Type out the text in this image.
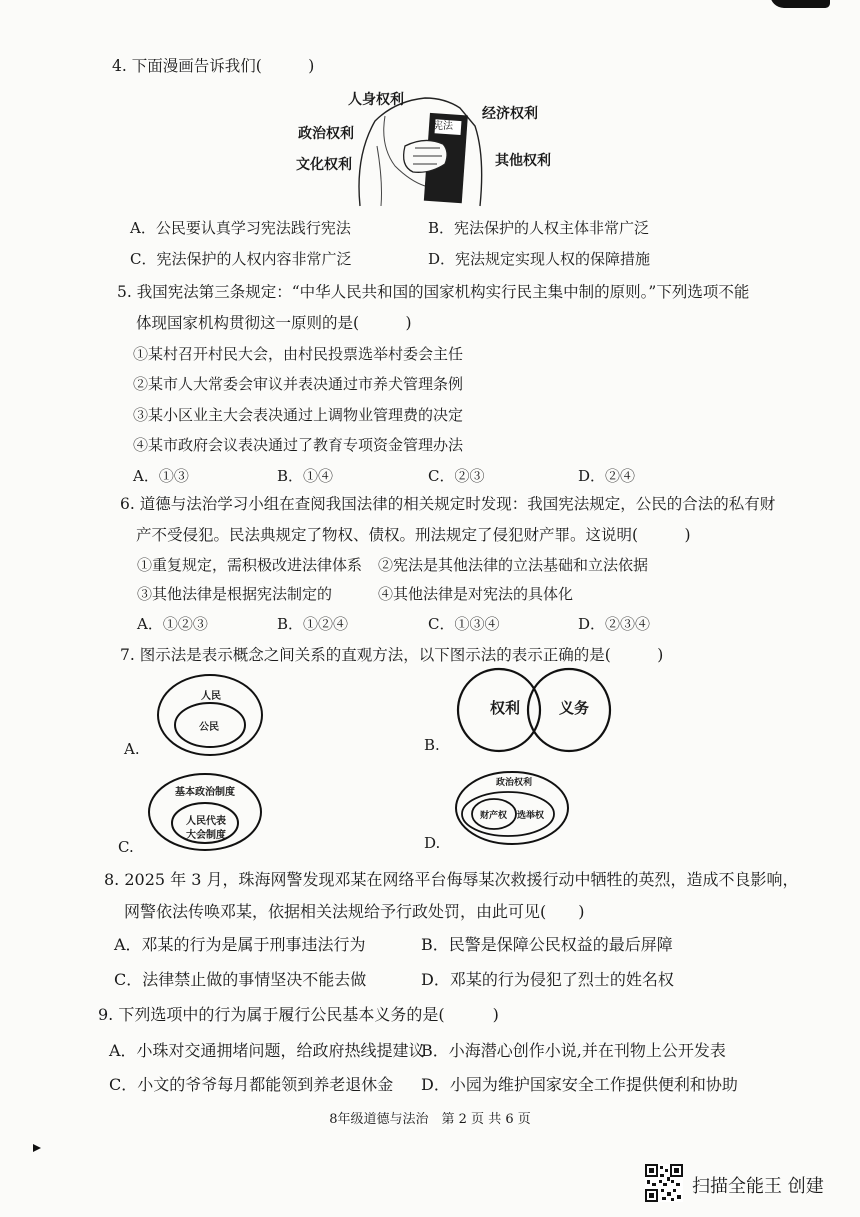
4. 下面漫画告诉我们(　　　)
宪法
人身权利
经济权利
政治权利
文化权利	其他权利
A．公民要认真学习宪法践行宪法	B．宪法保护的人权主体非常广泛
C．宪法保护的人权内容非常广泛	D．宪法规定实现人权的保障措施
5. 我国宪法第三条规定：“中华人民共和国的国家机构实行民主集中制的原则。”下列选项不能
体现国家机构贯彻这一原则的是(　　　)
①某村召开村民大会，由村民投票选举村委会主任
②某市人大常委会审议并表决通过市养犬管理条例
③某小区业主大会表决通过上调物业管理费的决定
④某市政府会议表决通过了教育专项资金管理办法
A．①③	B．①④	C．②③	D．②④
6. 道德与法治学习小组在查阅我国法律的相关规定时发现：我国宪法规定，公民的合法的私有财
产不受侵犯。民法典规定了物权、债权。刑法规定了侵犯财产罪。这说明(　　　)
①重复规定，需积极改进法律体系 ②宪法是其他法律的立法基础和立法依据
③其他法律是根据宪法制定的	④其他法律是对宪法的具体化
A．①②③	B．①②④	C．①③④	D．②③④
7. 图示法是表示概念之间关系的直观方法，以下图示法的表示正确的是(　　　)
人民
公民
A.
权利	义务
B.
基本政治制度
人民代表
大会制度
C.
政治权利
财产权 选举权
D.
8. 2025 年 3 月，珠海网警发现邓某在网络平台侮辱某次救援行动中牺牲的英烈，造成不良影响，
网警依法传唤邓某，依据相关法规给予行政处罚，由此可见(　　)
A．邓某的行为是属于刑事违法行为	B．民警是保障公民权益的最后屏障
C．法律禁止做的事情坚决不能去做	D．邓某的行为侵犯了烈士的姓名权
9. 下列选项中的行为属于履行公民基本义务的是(　　　)
A．小珠对交通拥堵问题，给政府热线提建议
B．小海潜心创作小说,并在刊物上公开发表
C．小文的爷爷每月都能领到养老退休金 D．小园为维护国家安全工作提供便利和协助
8年级道德与法治　第 2 页 共 6 页
扫描全能王 创建
